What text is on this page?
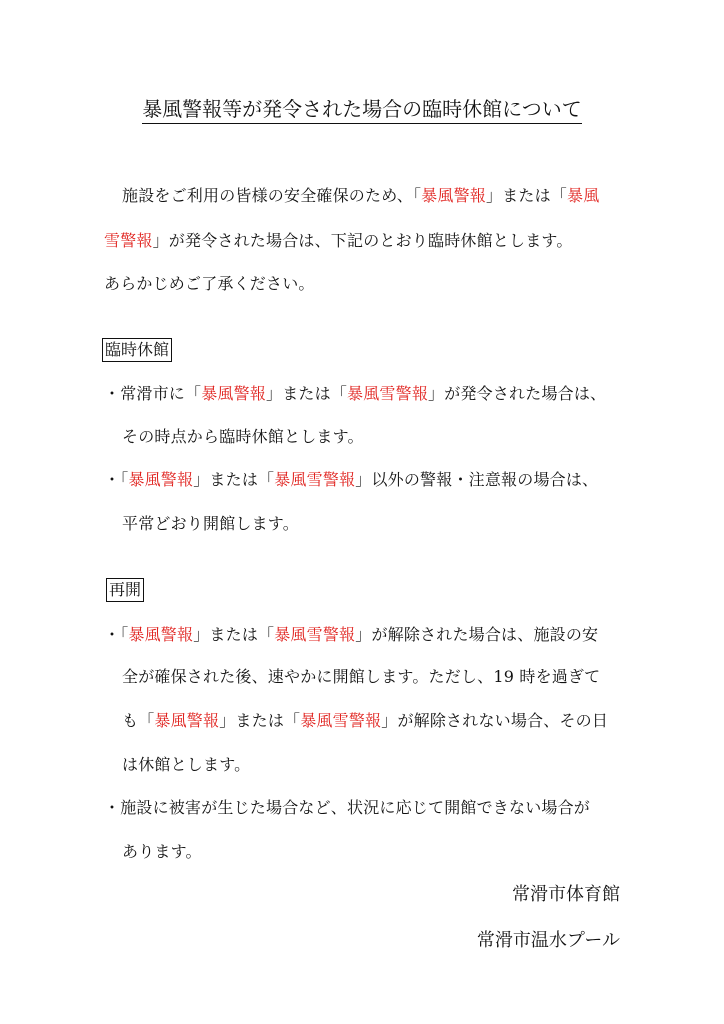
暴風警報等が発令された場合の臨時休館について
施設をご利用の皆様の安全確保のため、「暴風警報」または「暴風
雪警報」が発令された場合は、下記のとおり臨時休館とします。
あらかじめご了承ください。
臨時休館
・常滑市に「暴風警報」または「暴風雪警報」が発令された場合は、
その時点から臨時休館とします。
・「暴風警報」または「暴風雪警報」以外の警報・注意報の場合は、
平常どおり開館します。
再開
・「暴風警報」または「暴風雪警報」が解除された場合は、施設の安
全が確保された後、速やかに開館します。ただし、19 時を過ぎて
も「暴風警報」または「暴風雪警報」が解除されない場合、その日
は休館とします。
・施設に被害が生じた場合など、状況に応じて開館できない場合が
あります。
常滑市体育館
常滑市温水プール
